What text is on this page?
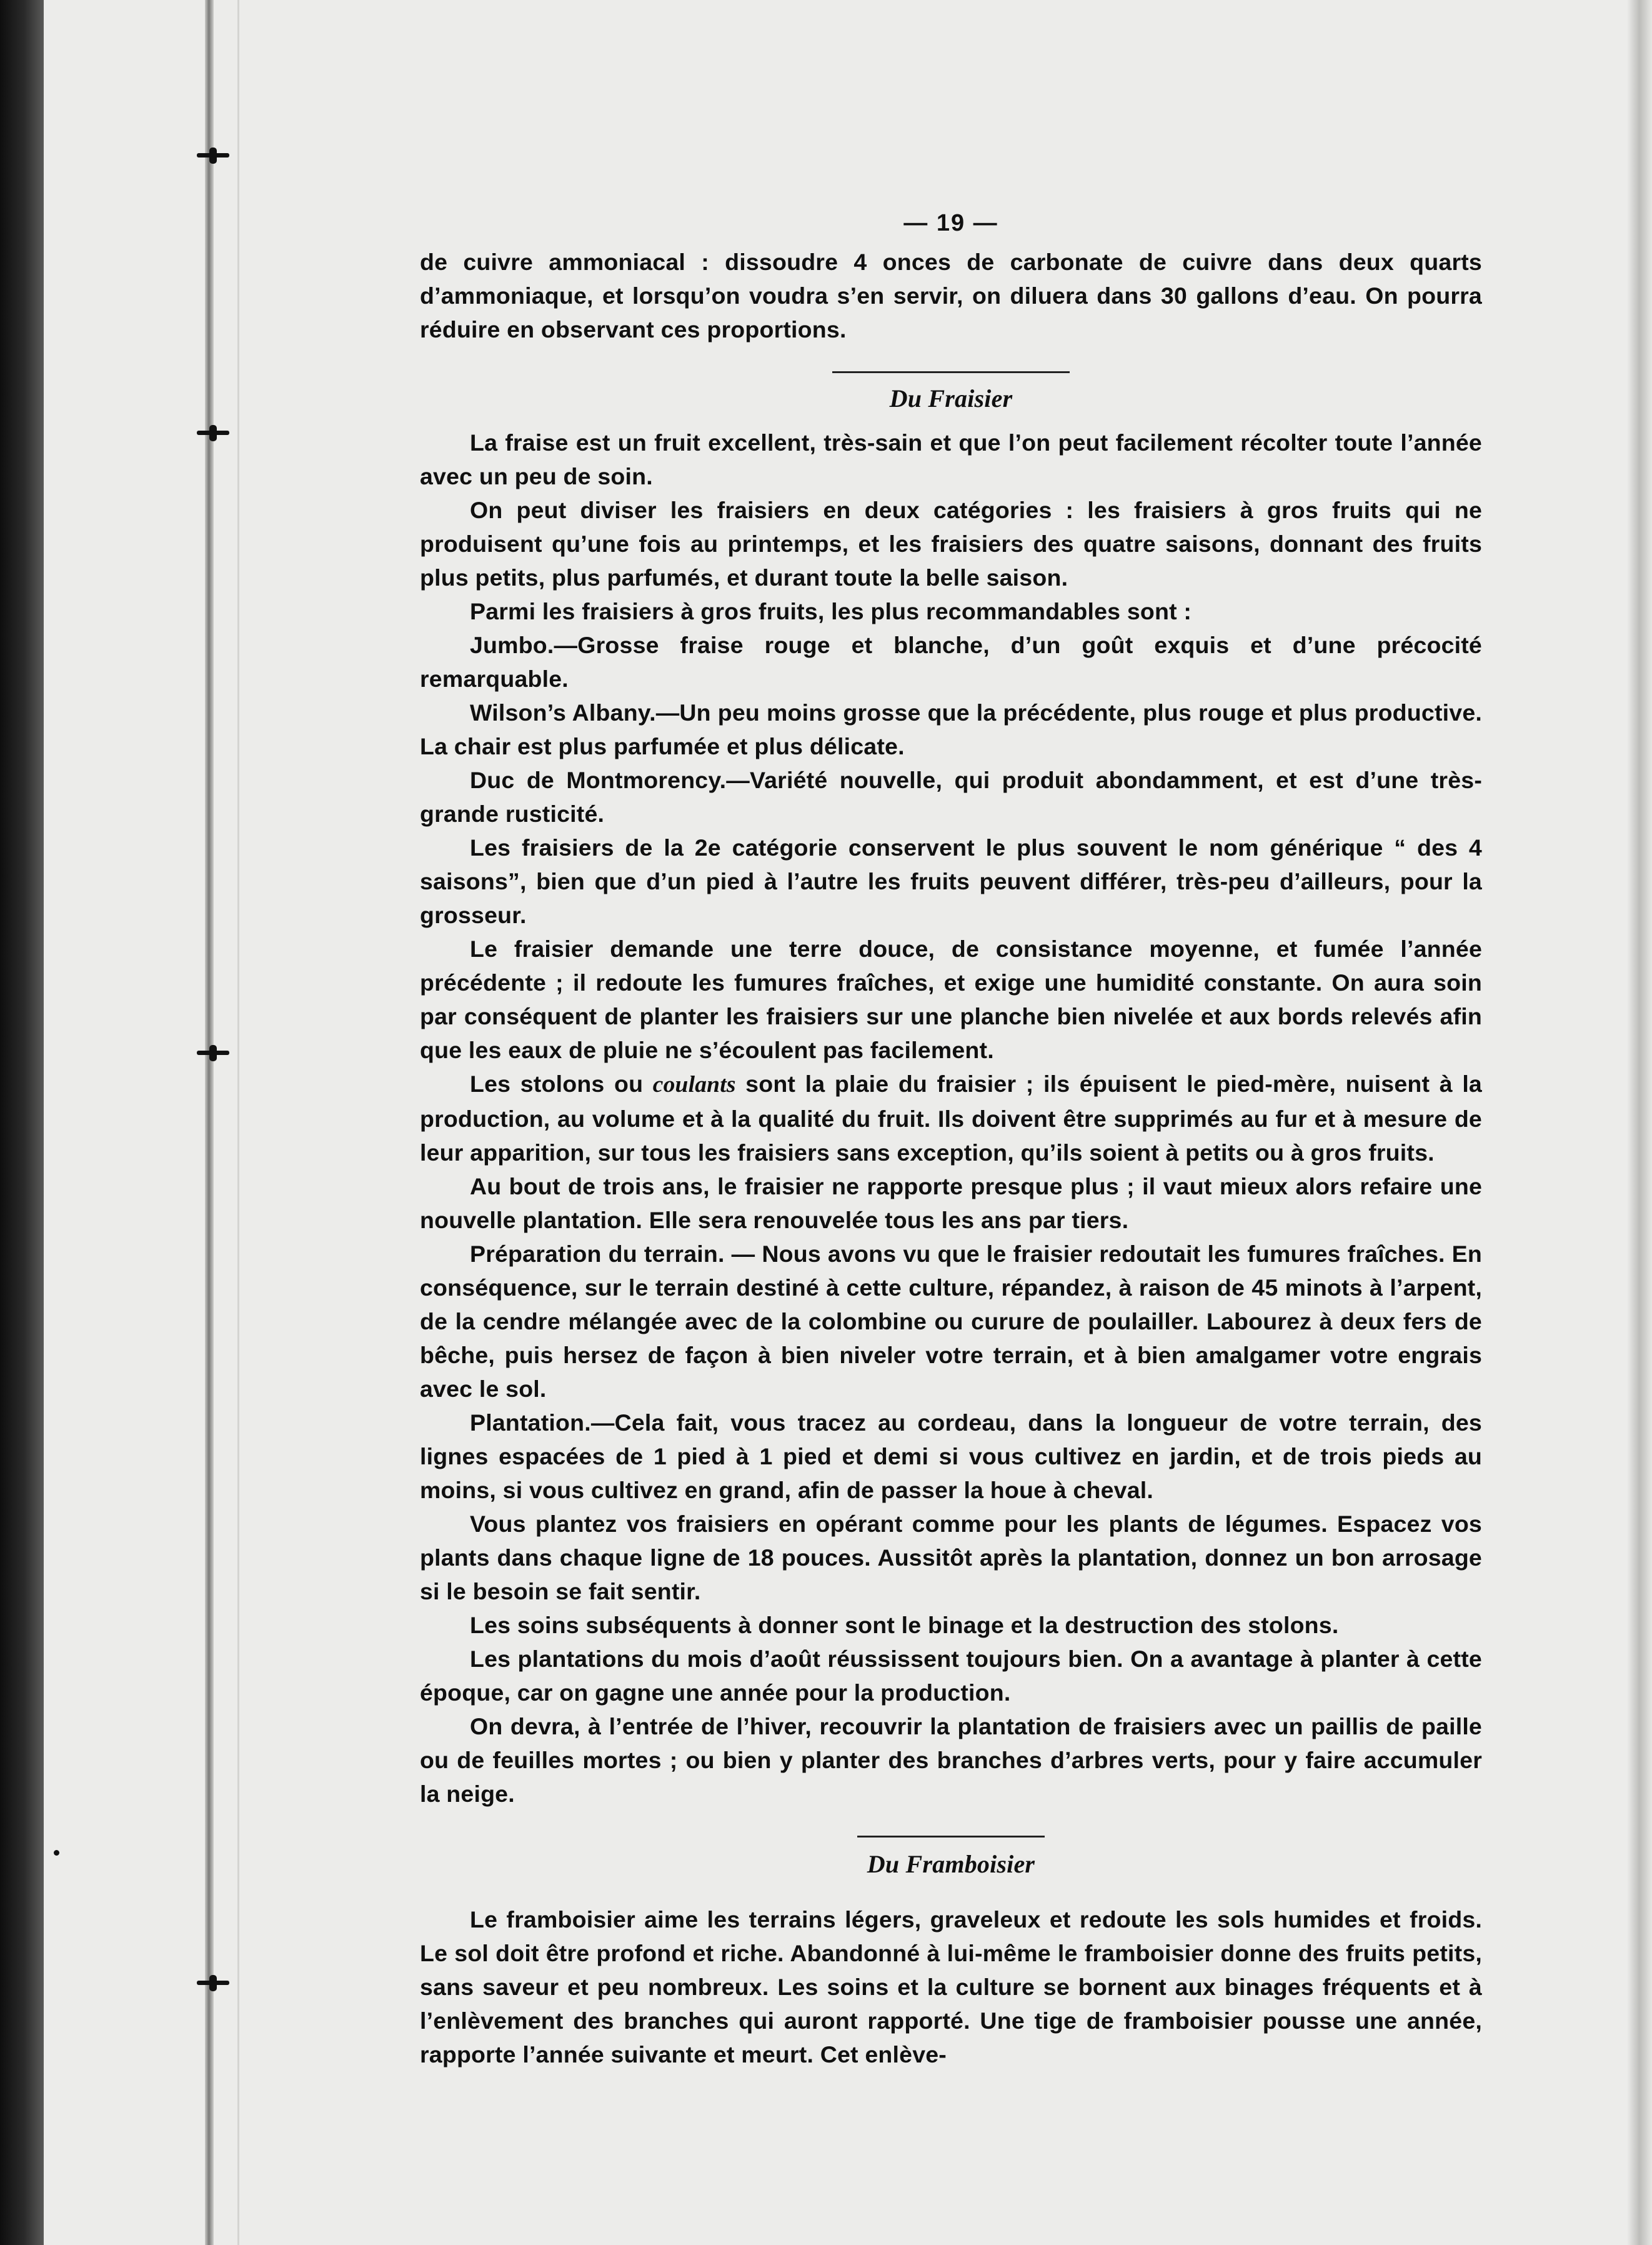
— 19 —

de cuivre ammoniacal : dissoudre 4 onces de carbonate de cuivre dans deux quarts d’ammoniaque, et lorsqu’on voudra s’en servir, on diluera dans 30 gallons d’eau. On pourra réduire en observant ces proportions.

Du Fraisier

La fraise est un fruit excellent, très-sain et que l’on peut facilement récolter toute l’année avec un peu de soin.

On peut diviser les fraisiers en deux catégories : les fraisiers à gros fruits qui ne produisent qu’une fois au printemps, et les fraisiers des quatre saisons, donnant des fruits plus petits, plus parfumés, et durant toute la belle saison.

Parmi les fraisiers à gros fruits, les plus recommandables sont :

Jumbo.—Grosse fraise rouge et blanche, d’un goût exquis et d’une précocité remarquable.

Wilson’s Albany.—Un peu moins grosse que la précédente, plus rouge et plus productive. La chair est plus parfumée et plus délicate.

Duc de Montmorency.—Variété nouvelle, qui produit abondamment, et est d’une très-grande rusticité.

Les fraisiers de la 2e catégorie conservent le plus souvent le nom générique “ des 4 saisons”, bien que d’un pied à l’autre les fruits peuvent différer, très-peu d’ailleurs, pour la grosseur.

Le fraisier demande une terre douce, de consistance moyenne, et fumée l’année précédente ; il redoute les fumures fraîches, et exige une humidité constante. On aura soin par conséquent de planter les fraisiers sur une planche bien nivelée et aux bords relevés afin que les eaux de pluie ne s’écoulent pas facilement.

Les stolons ou coulants sont la plaie du fraisier ; ils épuisent le pied-mère, nuisent à la production, au volume et à la qualité du fruit. Ils doivent être supprimés au fur et à mesure de leur apparition, sur tous les fraisiers sans exception, qu’ils soient à petits ou à gros fruits.

Au bout de trois ans, le fraisier ne rapporte presque plus ; il vaut mieux alors refaire une nouvelle plantation. Elle sera renouvelée tous les ans par tiers.

Préparation du terrain. — Nous avons vu que le fraisier redoutait les fumures fraîches. En conséquence, sur le terrain destiné à cette culture, répandez, à raison de 45 minots à l’arpent, de la cendre mélangée avec de la colombine ou curure de poulailler. Labourez à deux fers de bêche, puis hersez de façon à bien niveler votre terrain, et à bien amalgamer votre engrais avec le sol.

Plantation.—Cela fait, vous tracez au cordeau, dans la longueur de votre terrain, des lignes espacées de 1 pied à 1 pied et demi si vous cultivez en jardin, et de trois pieds au moins, si vous cultivez en grand, afin de passer la houe à cheval.

Vous plantez vos fraisiers en opérant comme pour les plants de légumes. Espacez vos plants dans chaque ligne de 18 pouces. Aussitôt après la plantation, donnez un bon arrosage si le besoin se fait sentir.

Les soins subséquents à donner sont le binage et la destruction des stolons.

Les plantations du mois d’août réussissent toujours bien. On a avantage à planter à cette époque, car on gagne une année pour la production.

On devra, à l’entrée de l’hiver, recouvrir la plantation de fraisiers avec un paillis de paille ou de feuilles mortes ; ou bien y planter des branches d’arbres verts, pour y faire accumuler la neige.

Du Framboisier

Le framboisier aime les terrains légers, graveleux et redoute les sols humides et froids. Le sol doit être profond et riche. Abandonné à lui-même le framboisier donne des fruits petits, sans saveur et peu nombreux. Les soins et la culture se bornent aux binages fréquents et à l’enlèvement des branches qui auront rapporté. Une tige de framboisier pousse une année, rapporte l’année suivante et meurt. Cet enlève-
